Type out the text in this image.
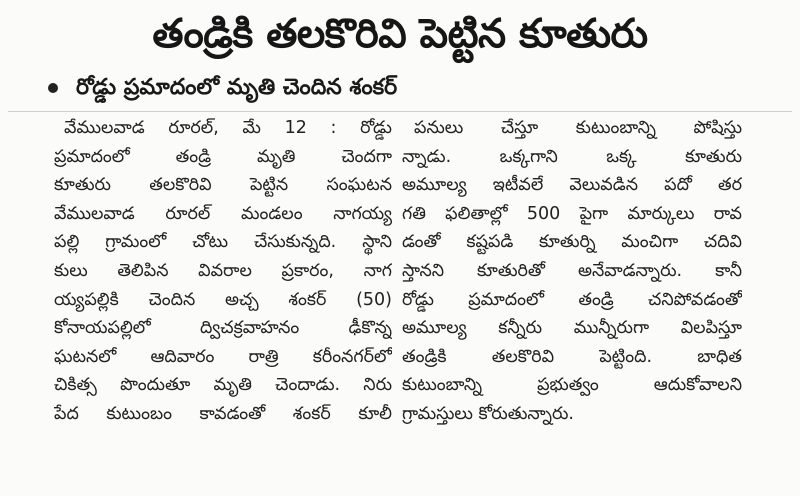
తండ్రికి తలకొరివి పెట్టిన కూతురు
రోడ్డు ప్రమాదంలో మృతి చెందిన శంకర్
వేములవాడ రూరల్, మే 12 : రోడ్డు
ప్రమాదంలో తండ్రి మృతి చెందగా
కూతురు తలకొరివి పెట్టిన సంఘటన
వేములవాడ రూరల్ మండలం నాగయ్య
పల్లి గ్రామంలో చోటు చేసుకున్నది. స్థాని
కులు తెలిపిన వివరాల ప్రకారం, నాగ
య్యపల్లికి చెందిన అచ్చ శంకర్ (50)
కోనాయపల్లిలో ద్విచక్రవాహనం ఢీకొన్న
ఘటనలో ఆదివారం రాత్రి కరీంనగర్‌లో
చికిత్స పొందుతూ మృతి చెందాడు. నిరు
పేద కుటుంబం కావడంతో శంకర్ కూలీ
పనులు చేస్తూ కుటుంబాన్ని పోషిస్తు
న్నాడు. ఒక్కగాని ఒక్క కూతురు
అమూల్య ఇటీవలే వెలువడిన పదో తర
గతి ఫలితాల్లో 500 పైగా మార్కులు రావ
డంతో కష్టపడి కూతుర్ని మంచిగా చదివి
స్తానని కూతురితో అనేవాడన్నారు. కానీ
రోడ్డు ప్రమాదంలో తండ్రి చనిపోవడంతో
అమూల్య కన్నీరు మున్నీరుగా విలపిస్తూ
తండ్రికి తలకొరివి పెట్టింది. బాధిత
కుటుంబాన్ని ప్రభుత్వం ఆదుకోవాలని
గ్రామస్తులు కోరుతున్నారు.
